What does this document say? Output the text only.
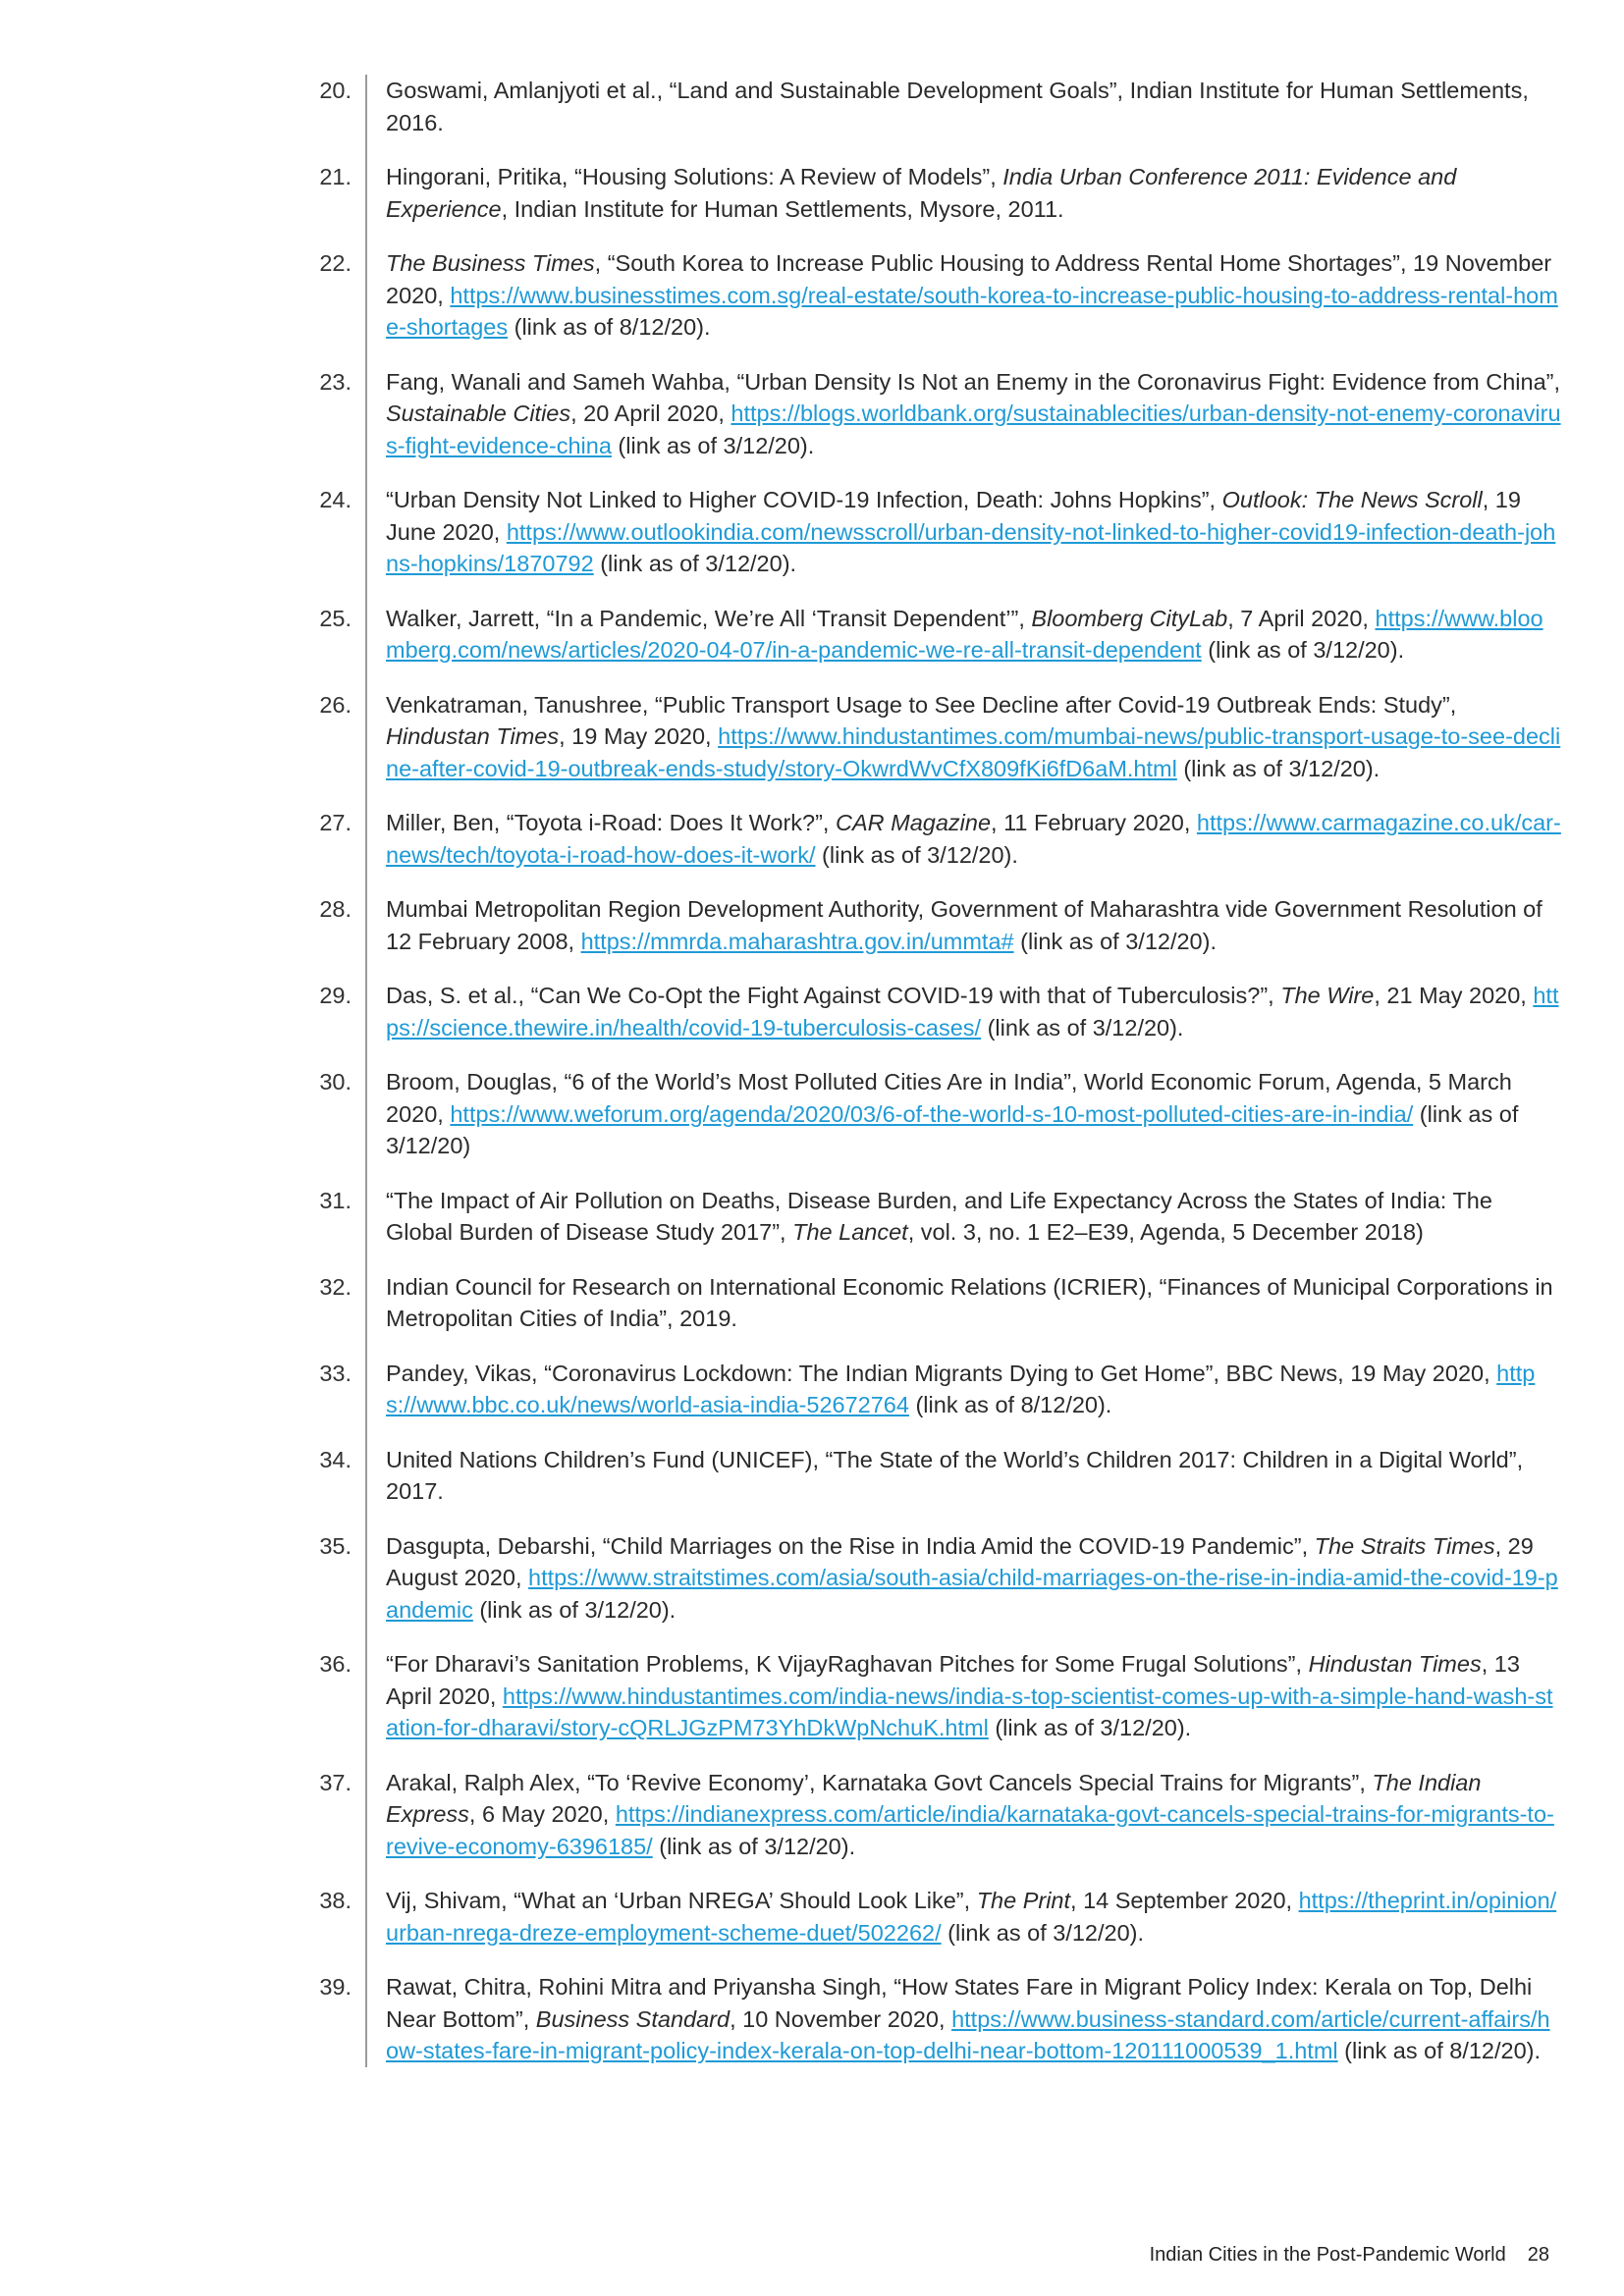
20.	Goswami, Amlanjyoti et al., “Land and Sustainable Development Goals”, Indian Institute for Human Settlements, 2016.
21.	Hingorani, Pritika, “Housing Solutions: A Review of Models”, India Urban Conference 2011: Evidence and Experience, Indian Institute for Human Settlements, Mysore, 2011.
22.	The Business Times, “South Korea to Increase Public Housing to Address Rental Home Shortages”, 19 November 2020, https://www.businesstimes.com.sg/real-estate/south-korea-to-increase-public-housing-to-address-rental-home-shortages (link as of 8/12/20).
23.	Fang, Wanali and Sameh Wahba, “Urban Density Is Not an Enemy in the Coronavirus Fight: Evidence from China”, Sustainable Cities, 20 April 2020, https://blogs.worldbank.org/sustainablecities/urban-density-not-enemy-coronavirus-fight-evidence-china (link as of 3/12/20).
24.	“Urban Density Not Linked to Higher COVID-19 Infection, Death: Johns Hopkins”, Outlook: The News Scroll, 19 June 2020, https://www.outlookindia.com/newsscroll/urban-density-not-linked-to-higher-covid19-infection-death-johns-hopkins/1870792 (link as of 3/12/20).
25.	Walker, Jarrett, “In a Pandemic, We’re All ‘Transit Dependent’”, Bloomberg CityLab, 7 April 2020, https://www.bloomberg.com/news/articles/2020-04-07/in-a-pandemic-we-re-all-transit-dependent (link as of 3/12/20).
26.	Venkatraman, Tanushree, “Public Transport Usage to See Decline after Covid-19 Outbreak Ends: Study”, Hindustan Times, 19 May 2020, https://www.hindustantimes.com/mumbai-news/public-transport-usage-to-see-decline-after-covid-19-outbreak-ends-study/story-OkwrdWvCfX809fKi6fD6aM.html (link as of 3/12/20).
27.	Miller, Ben, “Toyota i-Road: Does It Work?”, CAR Magazine, 11 February 2020, https://www.carmagazine.co.uk/car-news/tech/toyota-i-road-how-does-it-work/ (link as of 3/12/20).
28.	Mumbai Metropolitan Region Development Authority, Government of Maharashtra vide Government Resolution of 12 February 2008, https://mmrda.maharashtra.gov.in/ummta# (link as of 3/12/20).
29.	Das, S. et al., “Can We Co-Opt the Fight Against COVID-19 with that of Tuberculosis?”, The Wire, 21 May 2020, https://science.thewire.in/health/covid-19-tuberculosis-cases/ (link as of 3/12/20).
30.	Broom, Douglas, “6 of the World’s Most Polluted Cities Are in India”, World Economic Forum, Agenda, 5 March 2020, https://www.weforum.org/agenda/2020/03/6-of-the-world-s-10-most-polluted-cities-are-in-india/ (link as of 3/12/20)
31.	“The Impact of Air Pollution on Deaths, Disease Burden, and Life Expectancy Across the States of India: The Global Burden of Disease Study 2017”, The Lancet, vol. 3, no. 1 E2–E39, Agenda, 5 December 2018)
32.	Indian Council for Research on International Economic Relations (ICRIER), “Finances of Municipal Corporations in Metropolitan Cities of India”, 2019.
33.	Pandey, Vikas, “Coronavirus Lockdown: The Indian Migrants Dying to Get Home”, BBC News, 19 May 2020, https://www.bbc.co.uk/news/world-asia-india-52672764 (link as of 8/12/20).
34.	United Nations Children’s Fund (UNICEF), “The State of the World’s Children 2017: Children in a Digital World”, 2017.
35.	Dasgupta, Debarshi, “Child Marriages on the Rise in India Amid the COVID-19 Pandemic”, The Straits Times, 29 August 2020, https://www.straitstimes.com/asia/south-asia/child-marriages-on-the-rise-in-india-amid-the-covid-19-pandemic (link as of 3/12/20).
36.	“For Dharavi’s Sanitation Problems, K VijayRaghavan Pitches for Some Frugal Solutions”, Hindustan Times, 13 April 2020, https://www.hindustantimes.com/india-news/india-s-top-scientist-comes-up-with-a-simple-hand-wash-station-for-dharavi/story-cQRLJGzPM73YhDkWpNchuK.html (link as of 3/12/20).
37.	Arakal, Ralph Alex, “To ‘Revive Economy’, Karnataka Govt Cancels Special Trains for Migrants”, The Indian Express, 6 May 2020, https://indianexpress.com/article/india/karnataka-govt-cancels-special-trains-for-migrants-to-revive-economy-6396185/ (link as of 3/12/20).
38.	Vij, Shivam, “What an ‘Urban NREGA’ Should Look Like”, The Print, 14 September 2020, https://theprint.in/opinion/urban-nrega-dreze-employment-scheme-duet/502262/ (link as of 3/12/20).
39.	Rawat, Chitra, Rohini Mitra and Priyansha Singh, “How States Fare in Migrant Policy Index: Kerala on Top, Delhi Near Bottom”, Business Standard, 10 November 2020, https://www.business-standard.com/article/current-affairs/how-states-fare-in-migrant-policy-index-kerala-on-top-delhi-near-bottom-120111000539_1.html (link as of 8/12/20).
Indian Cities in the Post-Pandemic World 28
